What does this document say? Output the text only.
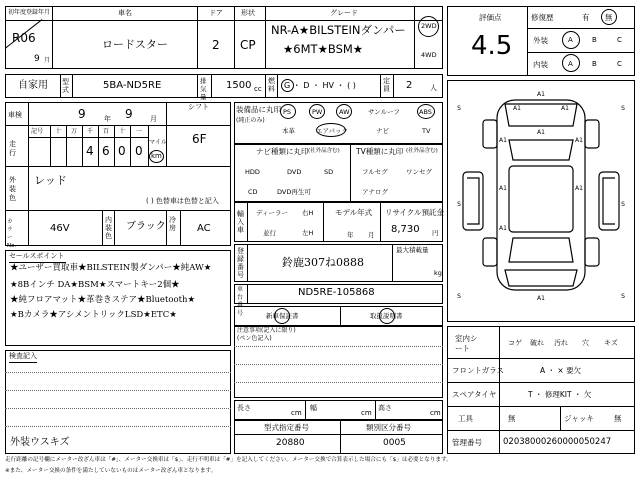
初年度登録年月	車名	ドア	形状	グレード
R06
9 月
ロードスター	2 CP
NR-A★BILSTEINダンパー
★6MT★BSM★
2WD
4WD
自家用 型式	5BA-ND5RE	排気量
1500 cc
燃料 G ・ D ・ HV ・ ( )	定員 2	人
車検	9	年 9 月
シフト
6F
走行
記号 十 万 千 百 十 一
4 6 0 0
マイル
km
外装色
レッド
( ) 色替車は色替と記入
カラーNo.
46V
内装色
ブラック
冷房 AC
セールスポイント
★ユーザー買取車★BILSTEIN製ダンパー★純AW★
★8Bインチ DA★BSM★スマートキー2個★
★純フロアマット★革巻きステア★Bluetooth★
★Bカメラ★アシメントリックLSD★ETC★
検査記入
外装ウスキズ
装備品に丸印
(純正のみ)
PS	PW	AW	サンルーフ	ABS
本革	エアバック	ナビ	TV
ナビ種類に丸印 (社外品含む)
HDD	DVD	SD
CD	DVD再生可
TV種類に丸印 (社外品含む)
フルセグ	ワンセグ
アナログ
輸入車
ディーラー
並行
右H
左H
モデル年式
年 月
リサイクル預託金
8,730 円
登録番号
鈴鹿307ね0888
最大積載量
kg
車台番号
ND5RE-105868
新車保証書	取扱説明書
注意事項(記入に限り)
(ペン色記入)
長さ
cm
幅
cm
高さ
cm
型式指定番号
20880
類別区分番号
0005
評価点
4.5
修復歴	有 無
外装	A	B	C
内装	A	B	C
A1
A1
A1	A1
A1	A1
A1	A1
A1
A1
S	S
S	S
S	S
室内シート
コゲ 破れ 汚れ 穴 キズ
フロントガラス	A ・ × 要欠
スペアタイヤ	T ・ 修理KIT ・ 欠
工具	無	ジャッキ	無
管理番号 02038000260000050247
走行距離の記号欄にメーター改ざん車は「#」、メーター交換車は「$」、走行不明車は「#」を記入してください。メーター交換で合算表示した場合にも「$」は必要となります。
※また、メーター交換の条件を満たしていないものはメーター改ざん車となります。
